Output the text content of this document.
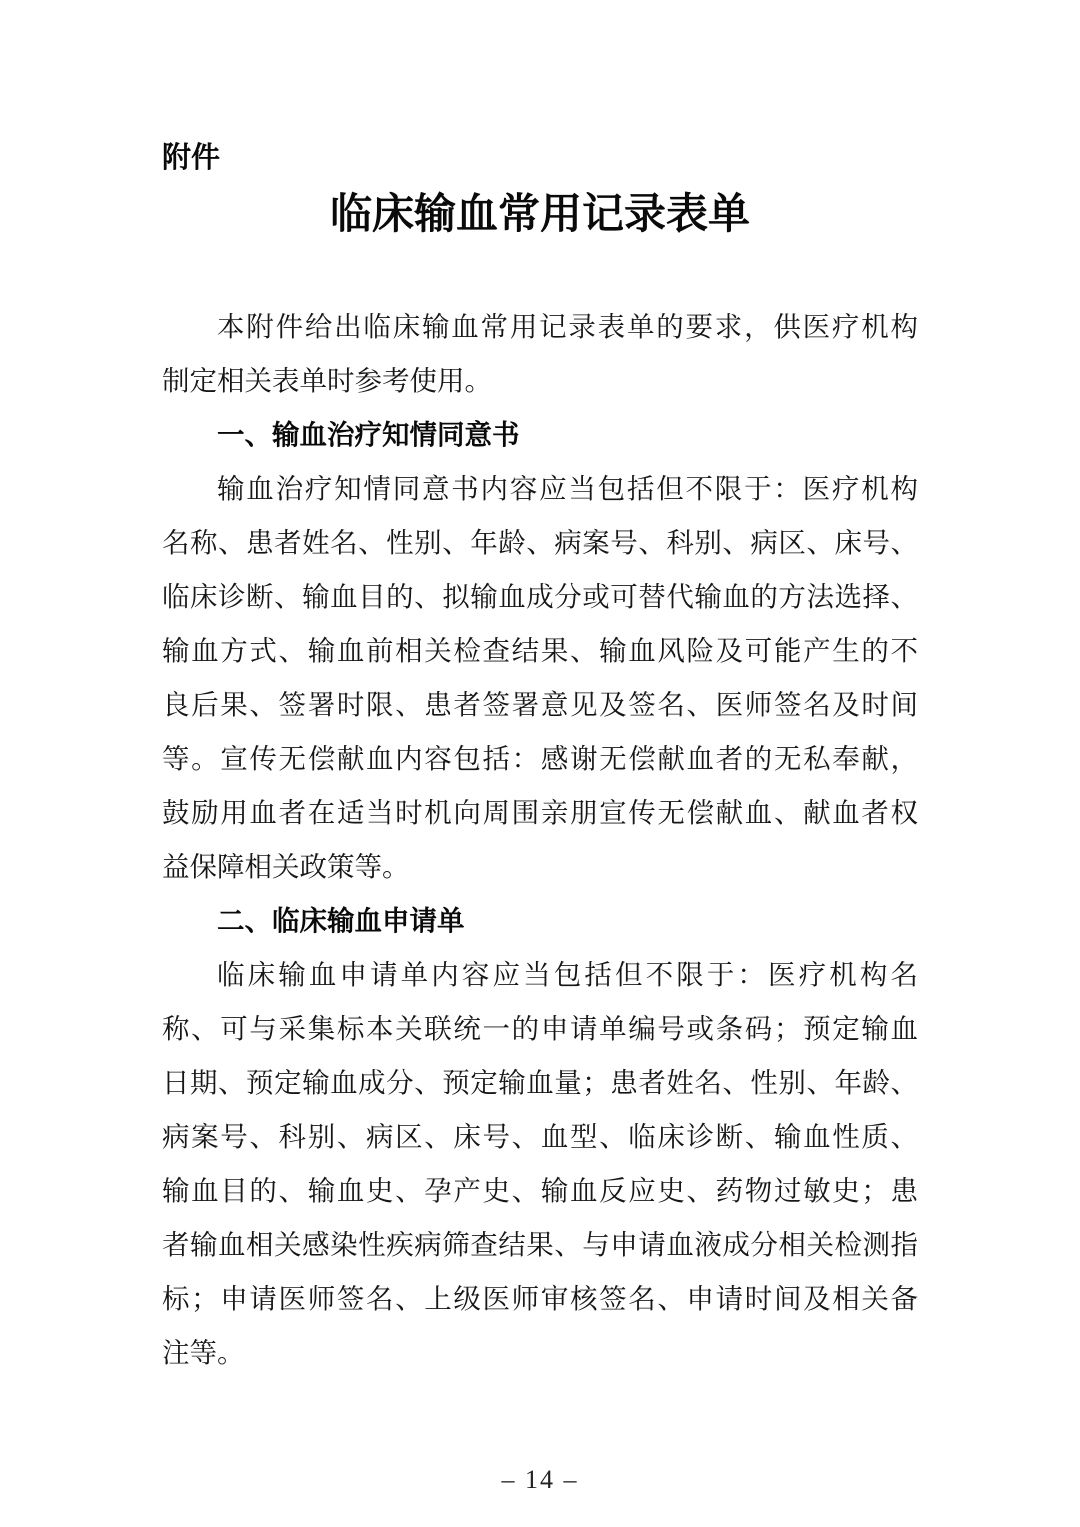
附件
临床输血常用记录表单

本附件给出临床输血常用记录表单的要求，供医疗机构

制定相关表单时参考使用。

一、输血治疗知情同意书

输血治疗知情同意书内容应当包括但不限于：医疗机构

名称、患者姓名、性别、年龄、病案号、科别、病区、床号、

临床诊断、输血目的、拟输血成分或可替代输血的方法选择、

输血方式、输血前相关检查结果、输血风险及可能产生的不

良后果、签署时限、患者签署意见及签名、医师签名及时间

等。宣传无偿献血内容包括：感谢无偿献血者的无私奉献，

鼓励用血者在适当时机向周围亲朋宣传无偿献血、献血者权

益保障相关政策等。

二、临床输血申请单

临床输血申请单内容应当包括但不限于：医疗机构名

称、可与采集标本关联统一的申请单编号或条码；预定输血

日期、预定输血成分、预定输血量；患者姓名、性别、年龄、

病案号、科别、病区、床号、血型、临床诊断、输血性质、

输血目的、输血史、孕产史、输血反应史、药物过敏史；患

者输血相关感染性疾病筛查结果、与申请血液成分相关检测指

标；申请医师签名、上级医师审核签名、申请时间及相关备

注等。

– 14 –
